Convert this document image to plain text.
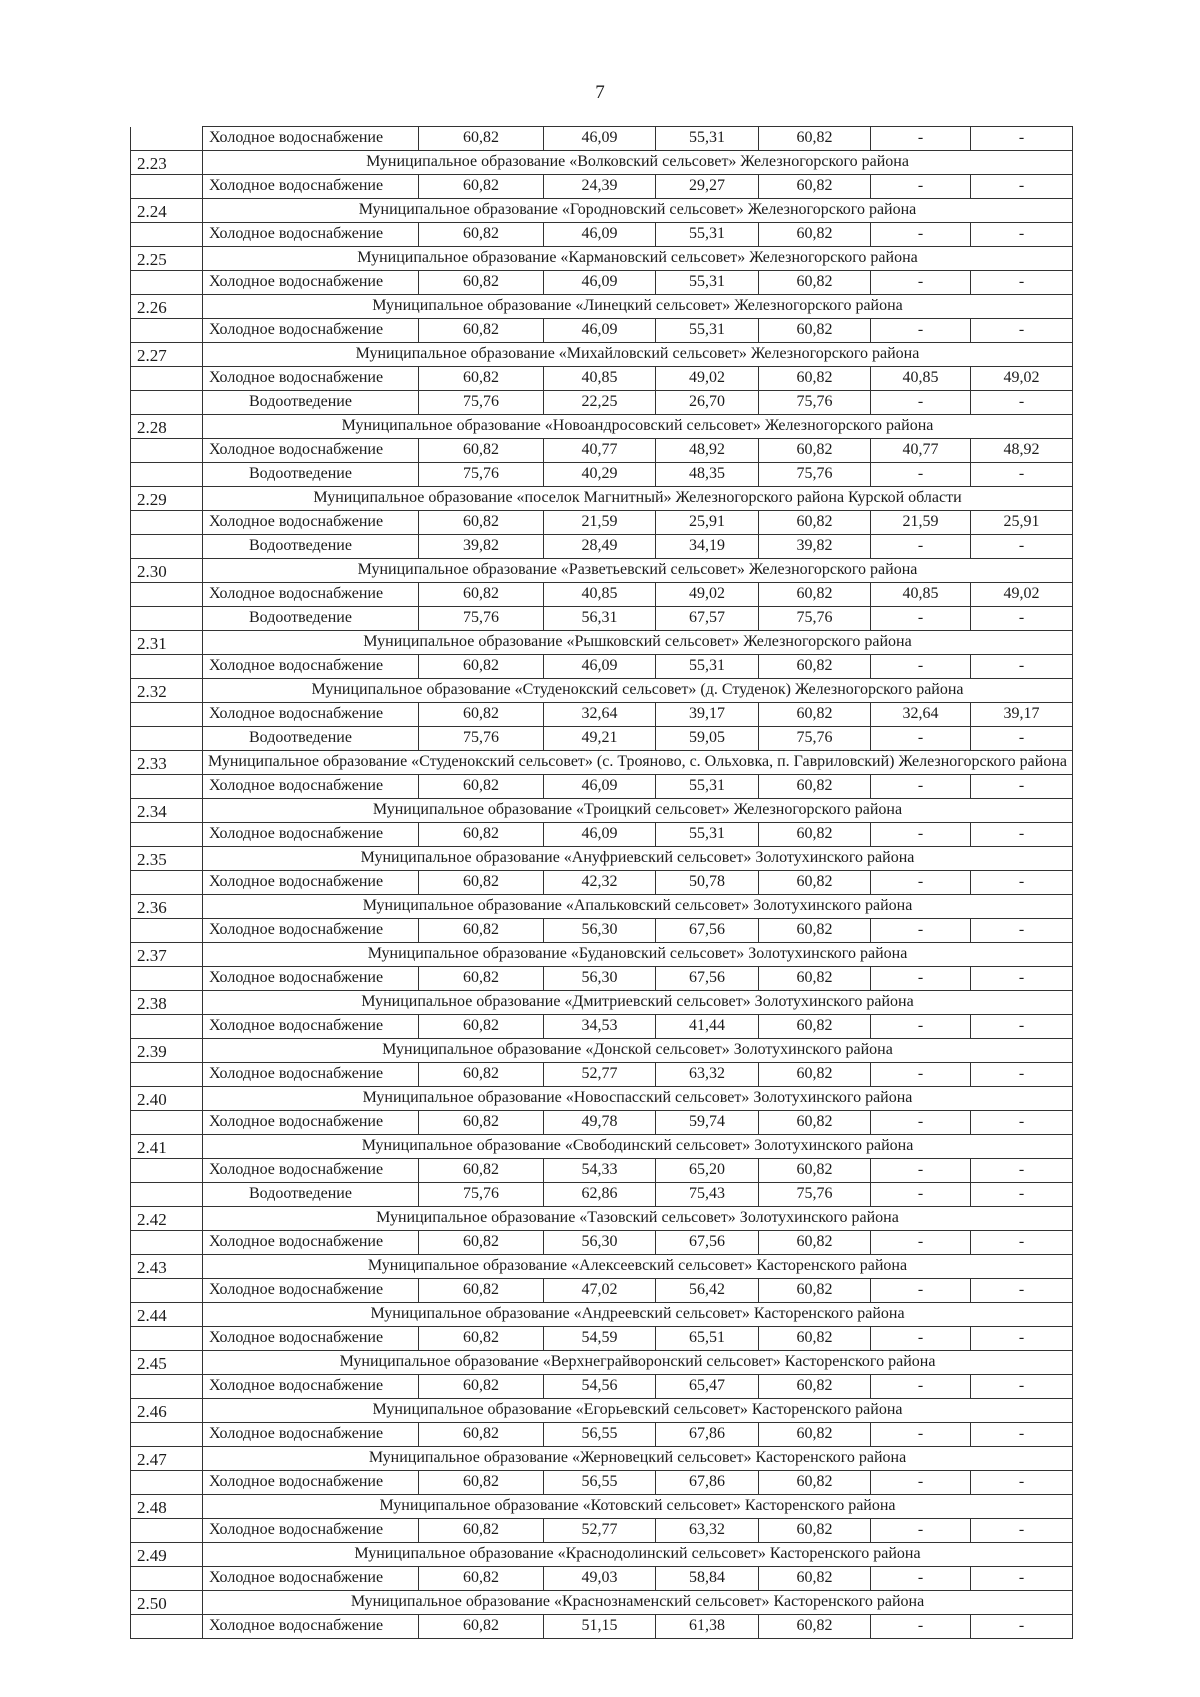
7
	Холодное водоснабжение	60,82	46,09	55,31	60,82	-	-
2.23	Муниципальное образование «Волковский сельсовет» Железногорского района						
	Холодное водоснабжение	60,82	24,39	29,27	60,82	-	-
2.24	Муниципальное образование «Городновский сельсовет» Железногорского района						
	Холодное водоснабжение	60,82	46,09	55,31	60,82	-	-
2.25	Муниципальное образование «Кармановский сельсовет» Железногорского района						
	Холодное водоснабжение	60,82	46,09	55,31	60,82	-	-
2.26	Муниципальное образование «Линецкий сельсовет» Железногорского района						
	Холодное водоснабжение	60,82	46,09	55,31	60,82	-	-
2.27	Муниципальное образование «Михайловский сельсовет» Железногорского района						
	Холодное водоснабжение	60,82	40,85	49,02	60,82	40,85	49,02
	Водоотведение	75,76	22,25	26,70	75,76	-	-
2.28	Муниципальное образование «Новоандросовский сельсовет» Железногорского района						
	Холодное водоснабжение	60,82	40,77	48,92	60,82	40,77	48,92
	Водоотведение	75,76	40,29	48,35	75,76	-	-
2.29	Муниципальное образование «поселок Магнитный» Железногорского района Курской области						
	Холодное водоснабжение	60,82	21,59	25,91	60,82	21,59	25,91
	Водоотведение	39,82	28,49	34,19	39,82	-	-
2.30	Муниципальное образование «Разветьевский сельсовет» Железногорского района						
	Холодное водоснабжение	60,82	40,85	49,02	60,82	40,85	49,02
	Водоотведение	75,76	56,31	67,57	75,76	-	-
2.31	Муниципальное образование «Рышковский сельсовет» Железногорского района						
	Холодное водоснабжение	60,82	46,09	55,31	60,82	-	-
2.32	Муниципальное образование «Студенокский сельсовет» (д. Студенок) Железногорского района						
	Холодное водоснабжение	60,82	32,64	39,17	60,82	32,64	39,17
	Водоотведение	75,76	49,21	59,05	75,76	-	-
2.33	Муниципальное образование «Студенокский сельсовет» (с. Трояново, с. Ольховка, п. Гавриловский) Железногорского района						
	Холодное водоснабжение	60,82	46,09	55,31	60,82	-	-
2.34	Муниципальное образование «Троицкий сельсовет» Железногорского района						
	Холодное водоснабжение	60,82	46,09	55,31	60,82	-	-
2.35	Муниципальное образование «Ануфриевский сельсовет» Золотухинского района						
	Холодное водоснабжение	60,82	42,32	50,78	60,82	-	-
2.36	Муниципальное образование «Апальковский сельсовет» Золотухинского района						
	Холодное водоснабжение	60,82	56,30	67,56	60,82	-	-
2.37	Муниципальное образование «Будановский сельсовет» Золотухинского района						
	Холодное водоснабжение	60,82	56,30	67,56	60,82	-	-
2.38	Муниципальное образование «Дмитриевский сельсовет» Золотухинского района						
	Холодное водоснабжение	60,82	34,53	41,44	60,82	-	-
2.39	Муниципальное образование «Донской сельсовет» Золотухинского района						
	Холодное водоснабжение	60,82	52,77	63,32	60,82	-	-
2.40	Муниципальное образование «Новоспасский сельсовет» Золотухинского района						
	Холодное водоснабжение	60,82	49,78	59,74	60,82	-	-
2.41	Муниципальное образование «Свободинский сельсовет» Золотухинского района						
	Холодное водоснабжение	60,82	54,33	65,20	60,82	-	-
	Водоотведение	75,76	62,86	75,43	75,76	-	-
2.42	Муниципальное образование «Тазовский сельсовет» Золотухинского района						
	Холодное водоснабжение	60,82	56,30	67,56	60,82	-	-
2.43	Муниципальное образование «Алексеевский сельсовет» Касторенского района						
	Холодное водоснабжение	60,82	47,02	56,42	60,82	-	-
2.44	Муниципальное образование «Андреевский сельсовет» Касторенского района						
	Холодное водоснабжение	60,82	54,59	65,51	60,82	-	-
2.45	Муниципальное образование «Верхнеграйворонский сельсовет» Касторенского района						
	Холодное водоснабжение	60,82	54,56	65,47	60,82	-	-
2.46	Муниципальное образование «Егорьевский сельсовет» Касторенского района						
	Холодное водоснабжение	60,82	56,55	67,86	60,82	-	-
2.47	Муниципальное образование «Жерновецкий сельсовет» Касторенского района						
	Холодное водоснабжение	60,82	56,55	67,86	60,82	-	-
2.48	Муниципальное образование «Котовский сельсовет» Касторенского района						
	Холодное водоснабжение	60,82	52,77	63,32	60,82	-	-
2.49	Муниципальное образование «Краснодолинский сельсовет» Касторенского района						
	Холодное водоснабжение	60,82	49,03	58,84	60,82	-	-
2.50	Муниципальное образование «Краснознаменский сельсовет» Касторенского района						
	Холодное водоснабжение	60,82	51,15	61,38	60,82	-	-
